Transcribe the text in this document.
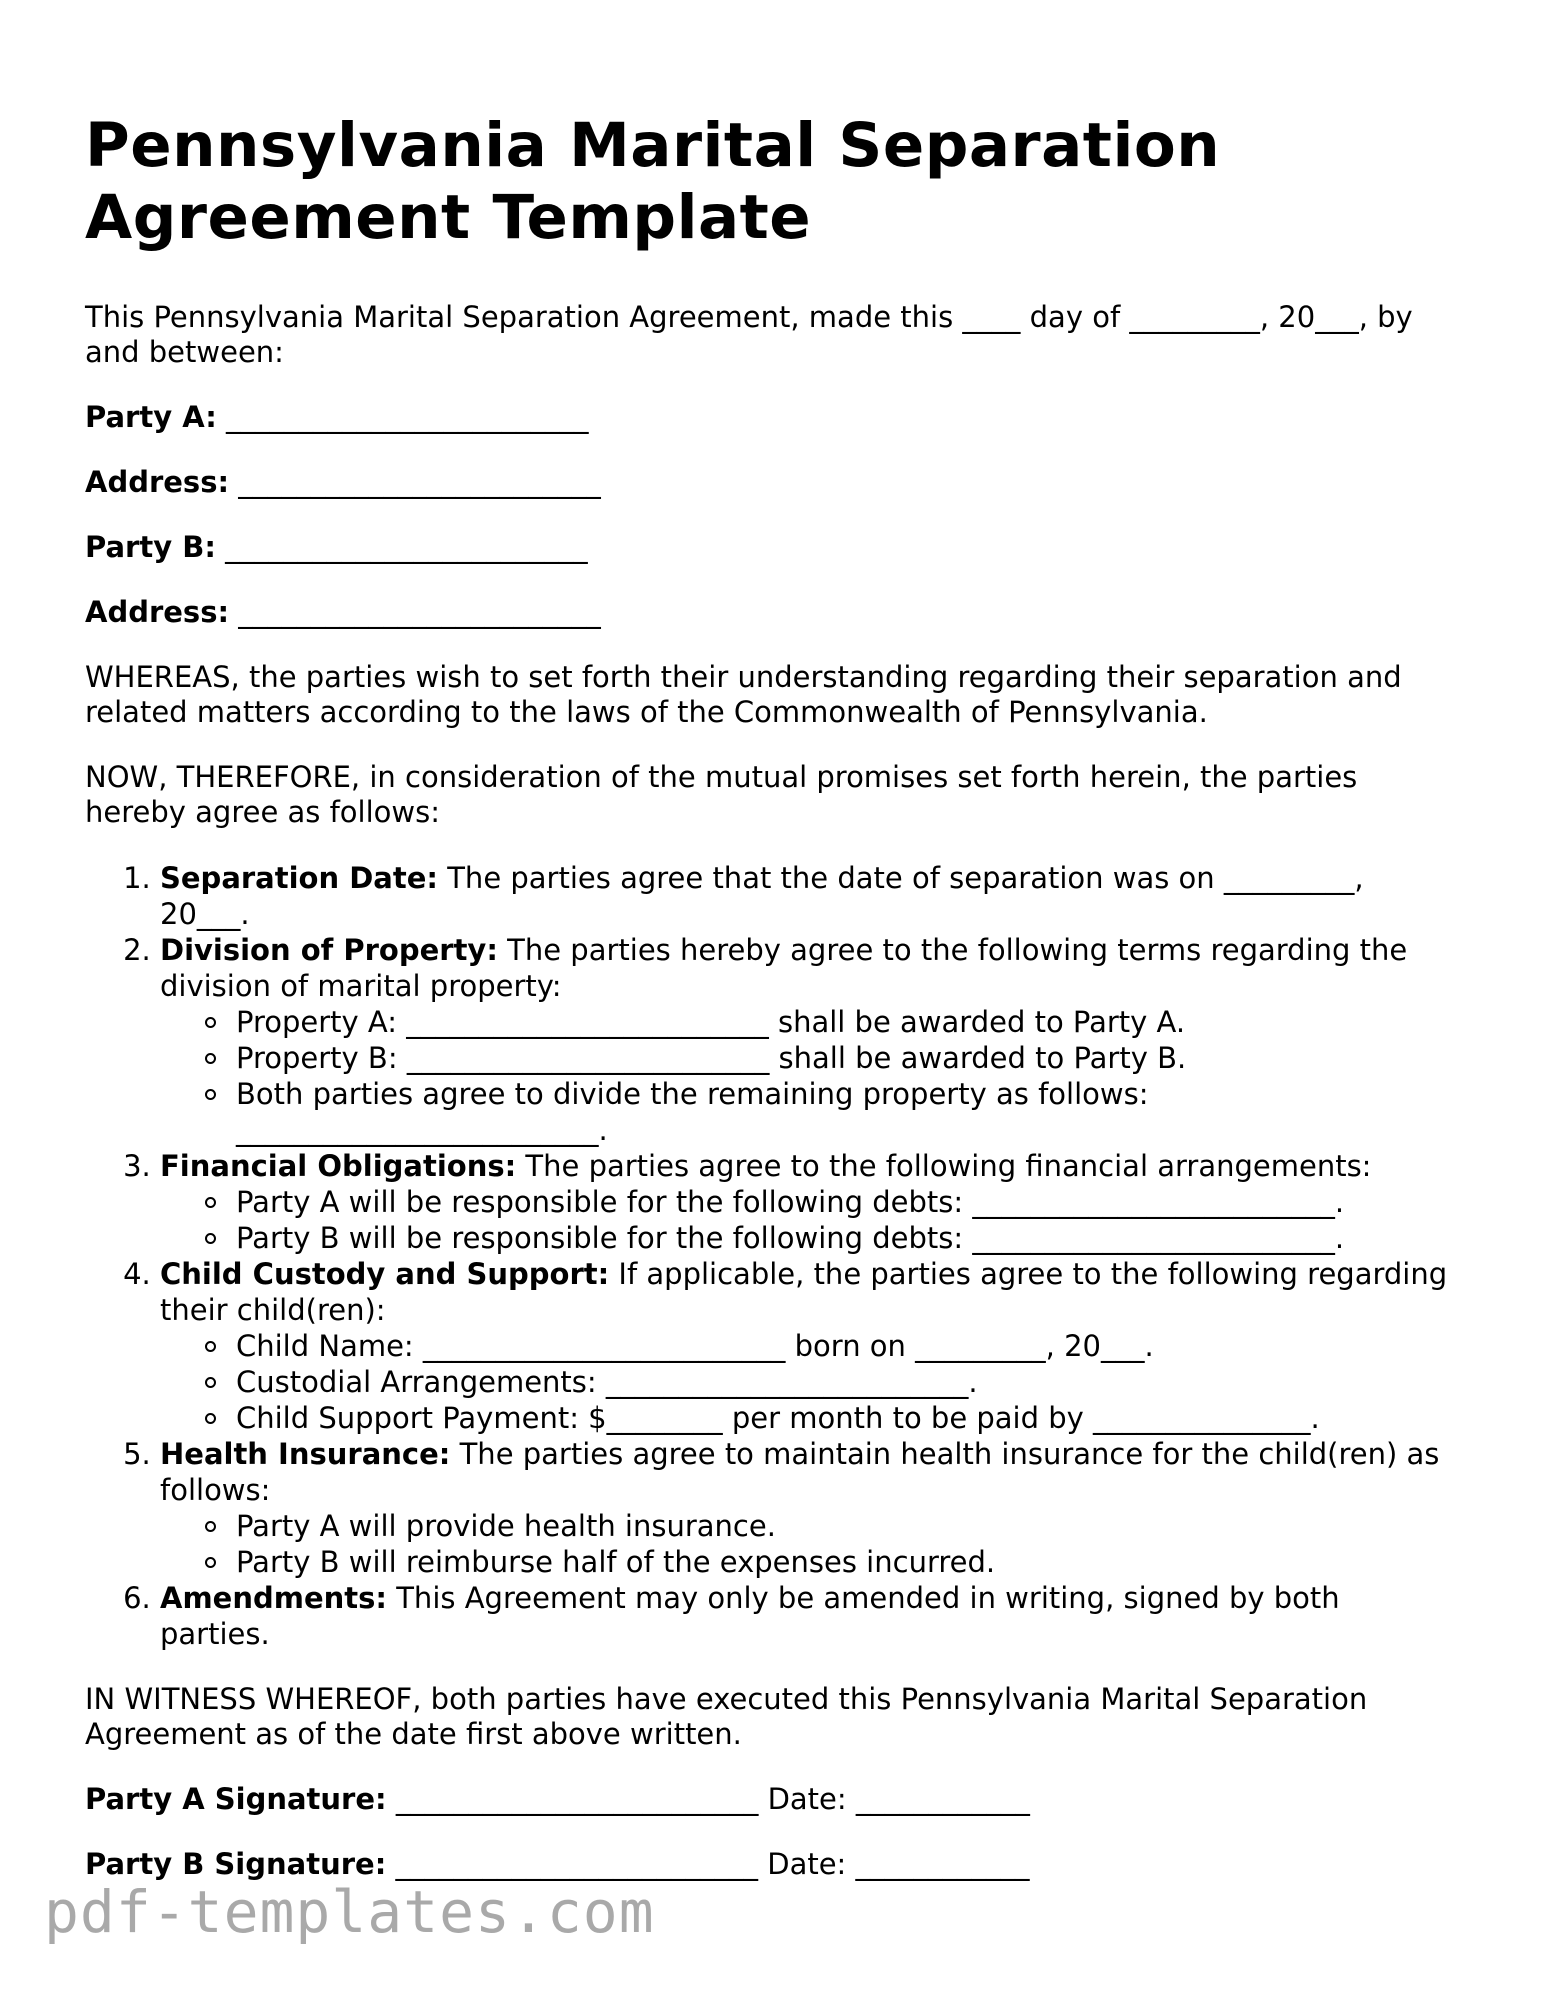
Pennsylvania Marital Separation Agreement Template

This Pennsylvania Marital Separation Agreement, made this ____ day of _________, 20___, by and between:

Party A: _________________________

Address: _________________________

Party B: _________________________

Address: _________________________

WHEREAS, the parties wish to set forth their understanding regarding their separation and related matters according to the laws of the Commonwealth of Pennsylvania.

NOW, THEREFORE, in consideration of the mutual promises set forth herein, the parties hereby agree as follows:

1. Separation Date: The parties agree that the date of separation was on _________, 20___.
2. Division of Property: The parties hereby agree to the following terms regarding the division of marital property:
Property A: _________________________ shall be awarded to Party A.
Property B: _________________________ shall be awarded to Party B.
Both parties agree to divide the remaining property as follows: _________________________.
3. Financial Obligations: The parties agree to the following financial arrangements:
Party A will be responsible for the following debts: _________________________.
Party B will be responsible for the following debts: _________________________.
4. Child Custody and Support: If applicable, the parties agree to the following regarding their child(ren):
Child Name: _________________________ born on _________, 20___.
Custodial Arrangements: _________________________.
Child Support Payment: $________ per month to be paid by _______________.
5. Health Insurance: The parties agree to maintain health insurance for the child(ren) as follows:
Party A will provide health insurance.
Party B will reimburse half of the expenses incurred.
6. Amendments: This Agreement may only be amended in writing, signed by both parties.

IN WITNESS WHEREOF, both parties have executed this Pennsylvania Marital Separation Agreement as of the date first above written.

Party A Signature: _________________________ Date: ____________

Party B Signature: _________________________ Date: ____________

pdf-templates.com
